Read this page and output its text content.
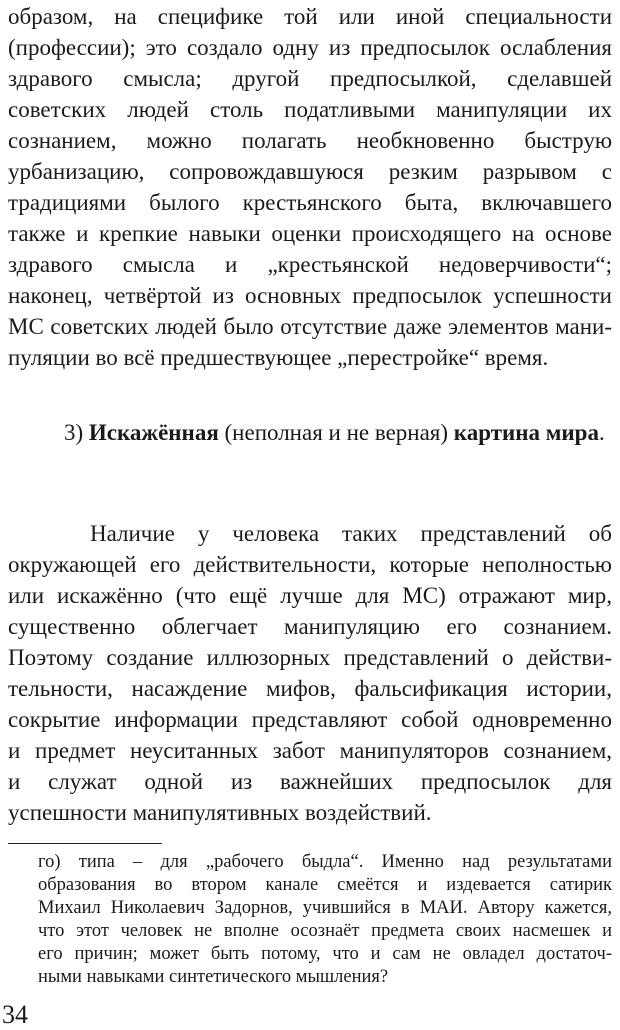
образом, на специфике той или иной специальности
(профессии); это создало одну из предпосылок ослабления
здравого смысла; другой предпосылкой, сделавшей
советских людей столь податливыми манипуляции их
сознанием, можно полагать необкновенно быструю
урбанизацию, сопровождавшуюся резким разрывом с
традициями былого крестьянского быта, включавшего
также и крепкие навыки оценки происходящего на основе
здравого смысла и „крестьянской недоверчивости“;
наконец, четвёртой из основных предпосылок успешности
МС советских людей было отсутствие даже элементов мани-
пуляции во всё предшествующее „перестройке“ время.
3) Искажённая (неполная и не верная) картина мира.
Наличие у человека таких представлений об
окружающей его действительности, которые неполностью
или искажённо (что ещё лучше для МС) отражают мир,
существенно облегчает манипуляцию его сознанием.
Поэтому создание иллюзорных представлений о действи-
тельности, насаждение мифов, фальсификация истории,
сокрытие информации представляют собой одновременно
и предмет неуситанных забот манипуляторов сознанием,
и служат одной из важнейших предпосылок для
успешности манипулятивных воздействий.
го) типа – для „рабочего быдла“. Именно над результатами
образования во втором канале смеётся и издевается сатирик
Михаил Николаевич Задорнов, учившийся в МАИ. Автору кажется,
что этот человек не вполне осознаёт предмета своих насмешек и
его причин; может быть потому, что и сам не овладел достаточ-
ными навыками синтетического мышления?
34
